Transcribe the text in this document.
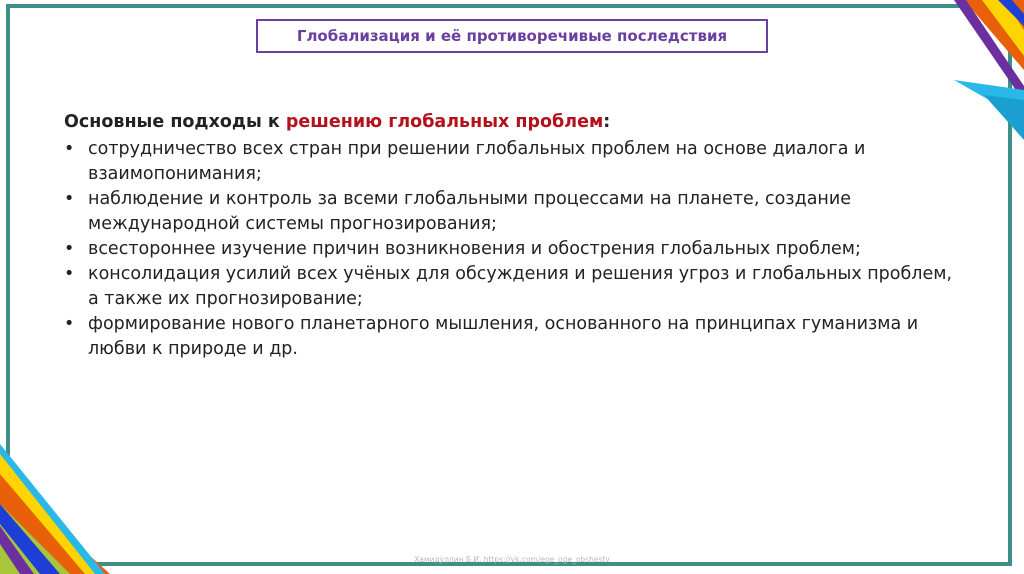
Глобализация и её противоречивые последствия

Основные подходы к решению глобальных проблем:

• сотрудничество всех стран при решении глобальных проблем на основе диалога и взаимопонимания;
• наблюдение и контроль за всеми глобальными процессами на планете, создание международной системы прогнозирования;
• всестороннее изучение причин возникновения и обострения глобальных проблем;
• консолидация усилий всех учёных для обсуждения и решения угроз и глобальных проблем, а также их прогнозирование;
• формирование нового планетарного мышления, основанного на принципах гуманизма и любви к природе и др.
Хамидуллин Б.И. https://vk.com/ege_oge_obshestv
